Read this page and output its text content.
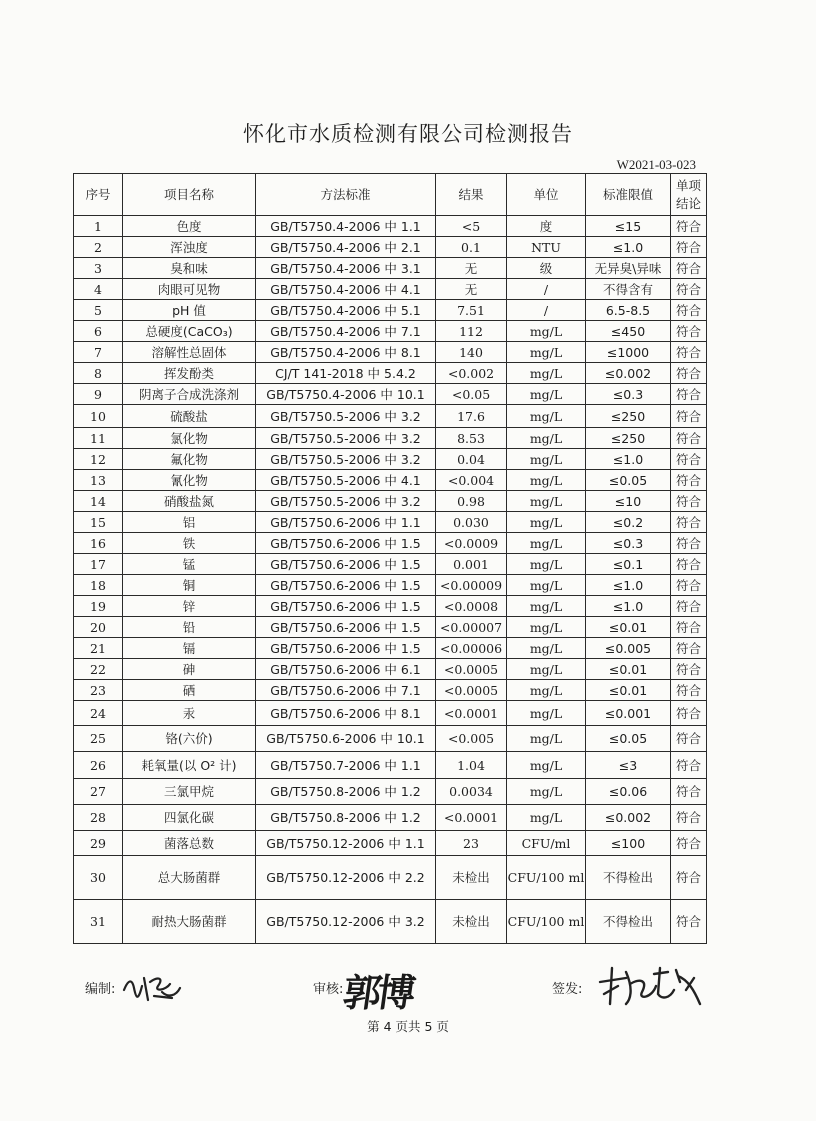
怀化市水质检测有限公司检测报告
W2021-03-023
序号	项目名称	方法标准	结果	单位	标准限值	单项结论
1	色度	GB/T5750.4-2006 中 1.1	<5	度	≤15	符合
2	浑浊度	GB/T5750.4-2006 中 2.1	0.1	NTU	≤1.0	符合
3	臭和味	GB/T5750.4-2006 中 3.1	无	级	无异臭\异味	符合
4	肉眼可见物	GB/T5750.4-2006 中 4.1	无	/	不得含有	符合
5	pH 值	GB/T5750.4-2006 中 5.1	7.51	/	6.5-8.5	符合
6	总硬度(CaCO₃)	GB/T5750.4-2006 中 7.1	112	mg/L	≤450	符合
7	溶解性总固体	GB/T5750.4-2006 中 8.1	140	mg/L	≤1000	符合
8	挥发酚类	CJ/T 141-2018 中 5.4.2	<0.002	mg/L	≤0.002	符合
9	阴离子合成洗涤剂	GB/T5750.4-2006 中 10.1	<0.05	mg/L	≤0.3	符合
10	硫酸盐	GB/T5750.5-2006 中 3.2	17.6	mg/L	≤250	符合
11	氯化物	GB/T5750.5-2006 中 3.2	8.53	mg/L	≤250	符合
12	氟化物	GB/T5750.5-2006 中 3.2	0.04	mg/L	≤1.0	符合
13	氰化物	GB/T5750.5-2006 中 4.1	<0.004	mg/L	≤0.05	符合
14	硝酸盐氮	GB/T5750.5-2006 中 3.2	0.98	mg/L	≤10	符合
15	铝	GB/T5750.6-2006 中 1.1	0.030	mg/L	≤0.2	符合
16	铁	GB/T5750.6-2006 中 1.5	<0.0009	mg/L	≤0.3	符合
17	锰	GB/T5750.6-2006 中 1.5	0.001	mg/L	≤0.1	符合
18	铜	GB/T5750.6-2006 中 1.5	<0.00009	mg/L	≤1.0	符合
19	锌	GB/T5750.6-2006 中 1.5	<0.0008	mg/L	≤1.0	符合
20	铅	GB/T5750.6-2006 中 1.5	<0.00007	mg/L	≤0.01	符合
21	镉	GB/T5750.6-2006 中 1.5	<0.00006	mg/L	≤0.005	符合
22	砷	GB/T5750.6-2006 中 6.1	<0.0005	mg/L	≤0.01	符合
23	硒	GB/T5750.6-2006 中 7.1	<0.0005	mg/L	≤0.01	符合
24	汞	GB/T5750.6-2006 中 8.1	<0.0001	mg/L	≤0.001	符合
25	铬(六价)	GB/T5750.6-2006 中 10.1	<0.005	mg/L	≤0.05	符合
26	耗氧量(以 O² 计)	GB/T5750.7-2006 中 1.1	1.04	mg/L	≤3	符合
27	三氯甲烷	GB/T5750.8-2006 中 1.2	0.0034	mg/L	≤0.06	符合
28	四氯化碳	GB/T5750.8-2006 中 1.2	<0.0001	mg/L	≤0.002	符合
29	菌落总数	GB/T5750.12-2006 中 1.1	23	CFU/ml	≤100	符合
30	总大肠菌群	GB/T5750.12-2006 中 2.2	未检出	CFU/100 ml	不得检出	符合
31	耐热大肠菌群	GB/T5750.12-2006 中 3.2	未检出	CFU/100 ml	不得检出	符合
编制:	审核:
郭博	签发:
第 4 页共 5 页
